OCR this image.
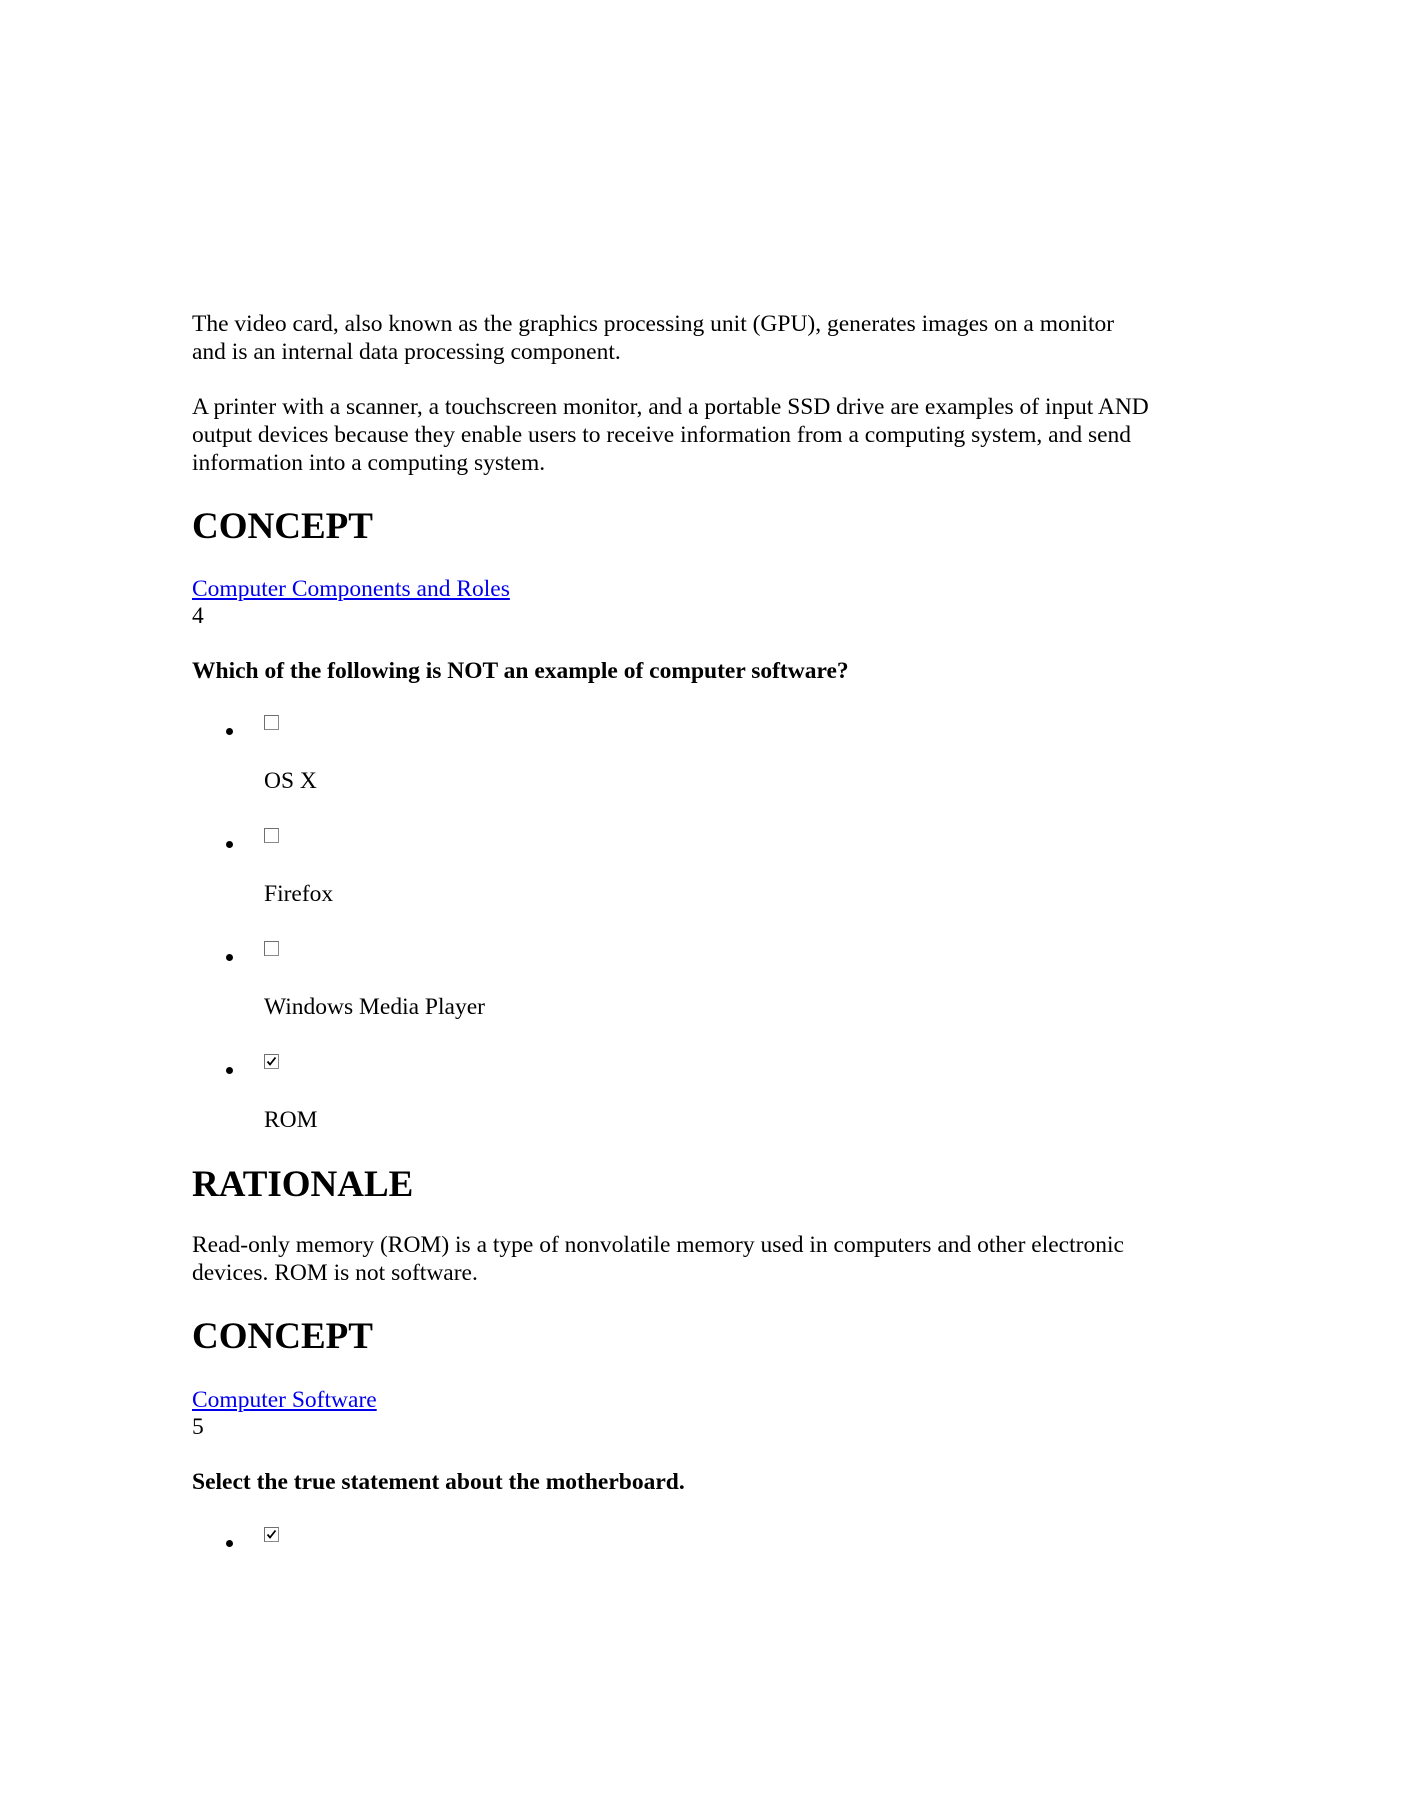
The video card, also known as the graphics processing unit (GPU), generates images on a monitor and is an internal data processing component.

A printer with a scanner, a touchscreen monitor, and a portable SSD drive are examples of input AND output devices because they enable users to receive information from a computing system, and send information into a computing system.

CONCEPT
Computer Components and Roles
4

Which of the following is NOT an example of computer software?

OS X
Firefox
Windows Media Player
ROM
RATIONALE

Read-only memory (ROM) is a type of nonvolatile memory used in computers and other electronic devices. ROM is not software.

CONCEPT
Computer Software
5

Select the true statement about the motherboard.
